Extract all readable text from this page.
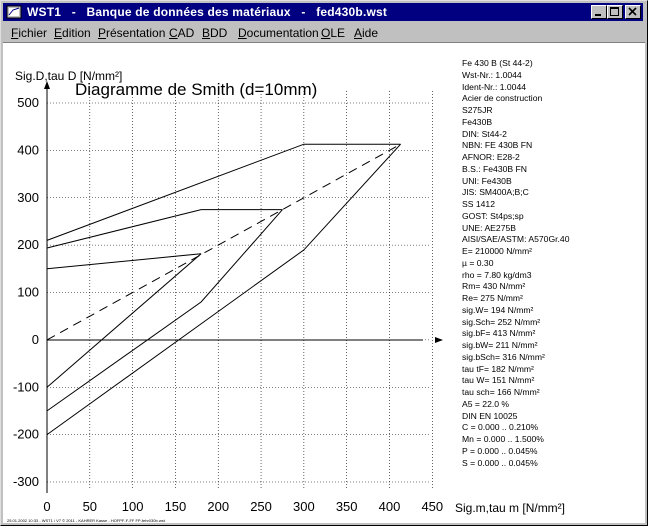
WST1   -   Banque de données des matériaux   -   fed430b.wst
Fichier Edition Présentation CAD BDD Documentation OLE Aide
500
400
300
200
100
0
-100
-200
-300
0 50 100 150 200 250 300 350 400 450
Diagramme de Smith (d=10mm)
Sig.D,tau D [N/mm²]
Sig.m,tau m [N/mm²]
25.01.2002 10:33 - WST1 / V7 © 2011 - KAHRER Kasse - HOFPF-F-FF FP-fehr030b.wst
Fe 430 B (St 44-2)
Wst-Nr.: 1.0044
Ident-Nr.: 1.0044
Acier de construction
S275JR
Fe430B
DIN: St44-2
NBN: FE 430B FN
AFNOR: E28-2
B.S.: Fe430B FN
UNI: Fe430B
JIS: SM400A;B;C
SS 1412
GOST: St4ps;sp
UNE: AE275B
AISI/SAE/ASTM: A570Gr.40
E= 210000 N/mm²
µ = 0.30
rho = 7.80 kg/dm3
Rm= 430 N/mm²
Re= 275 N/mm²
sig.W= 194 N/mm²
sig.Sch= 252 N/mm²
sig.bF= 413 N/mm²
sig.bW= 211 N/mm²
sig.bSch= 316 N/mm²
tau tF= 182 N/mm²
tau W= 151 N/mm²
tau sch= 166 N/mm²
A5 = 22.0 %
DIN EN 10025
C = 0.000 .. 0.210%
Mn = 0.000 .. 1.500%
P = 0.000 .. 0.045%
S = 0.000 .. 0.045%
